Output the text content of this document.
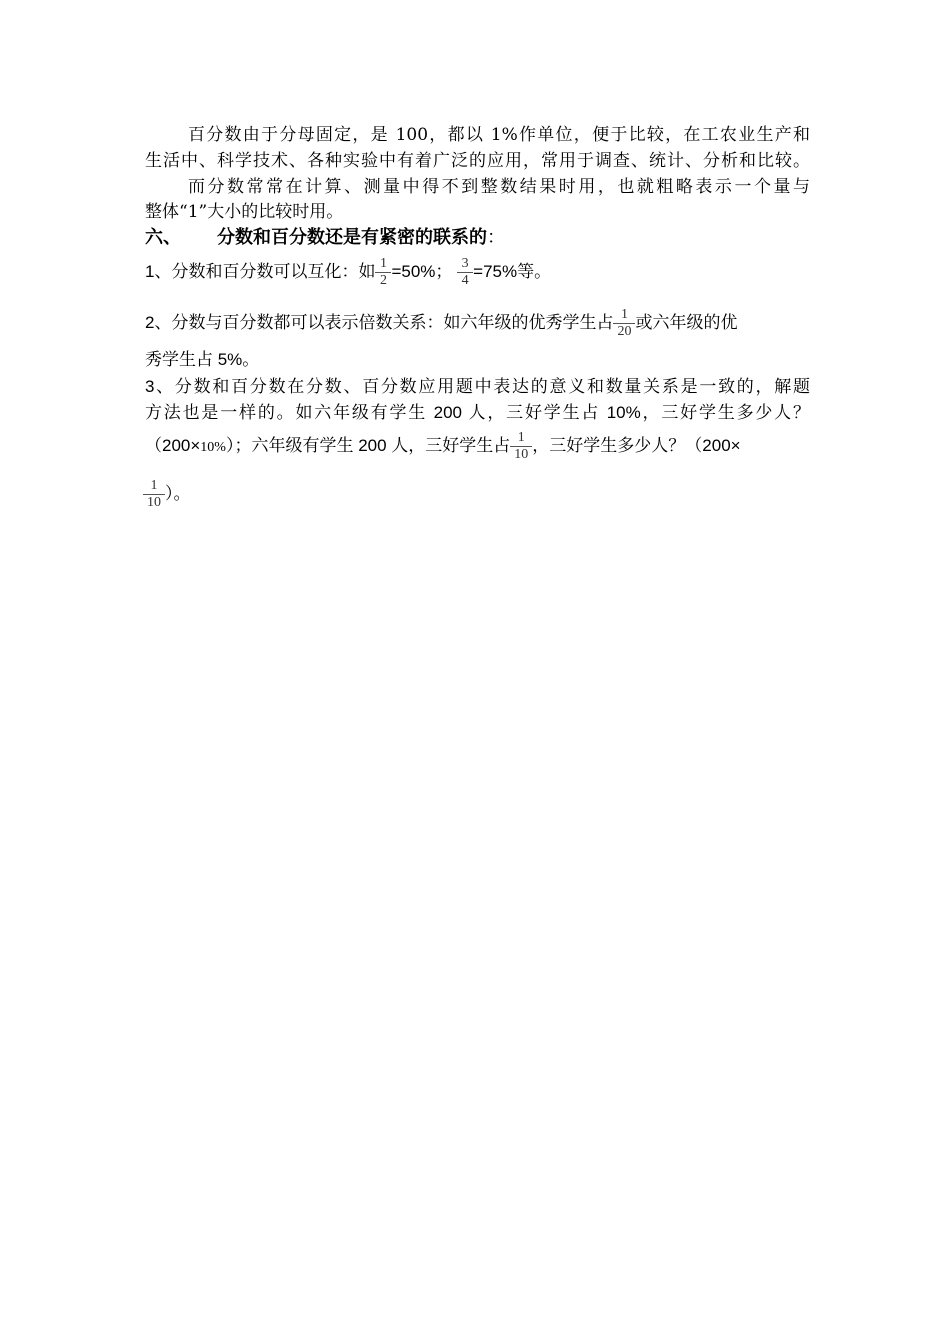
百分数由于分母固定，是 100，都以 1%作单位，便于比较，在工农业生产和
生活中、科学技术、各种实验中有着广泛的应用，常用于调查、统计、分析和比较。
而分数常常在计算、测量中得不到整数结果时用，也就粗略表示一个量与
整体“1”大小的比较时用。
六、 分数和百分数还是有紧密的联系的：
1、分数和百分数可以互化：如 $\frac{1}{2} =50\%$； $\frac{3}{4} =75\%$等。
2、分数与百分数都可以表示倍数关系：如六年级的优秀学生占 $\frac{1}{20}$ 或六年级的优
秀学生占 5%。
3、分数和百分数在分数、百分数应用题中表达的意义和数量关系是一致的，解题
方法也是一样的。如六年级有学生 200 人，三好学生占 10%，三好学生多少人？
（200×10%）；六年级有学生 200 人，三好学生占 $\frac{1}{10}$ ，三好学生多少人？（200×
$\frac{1}{10}$ ）。
